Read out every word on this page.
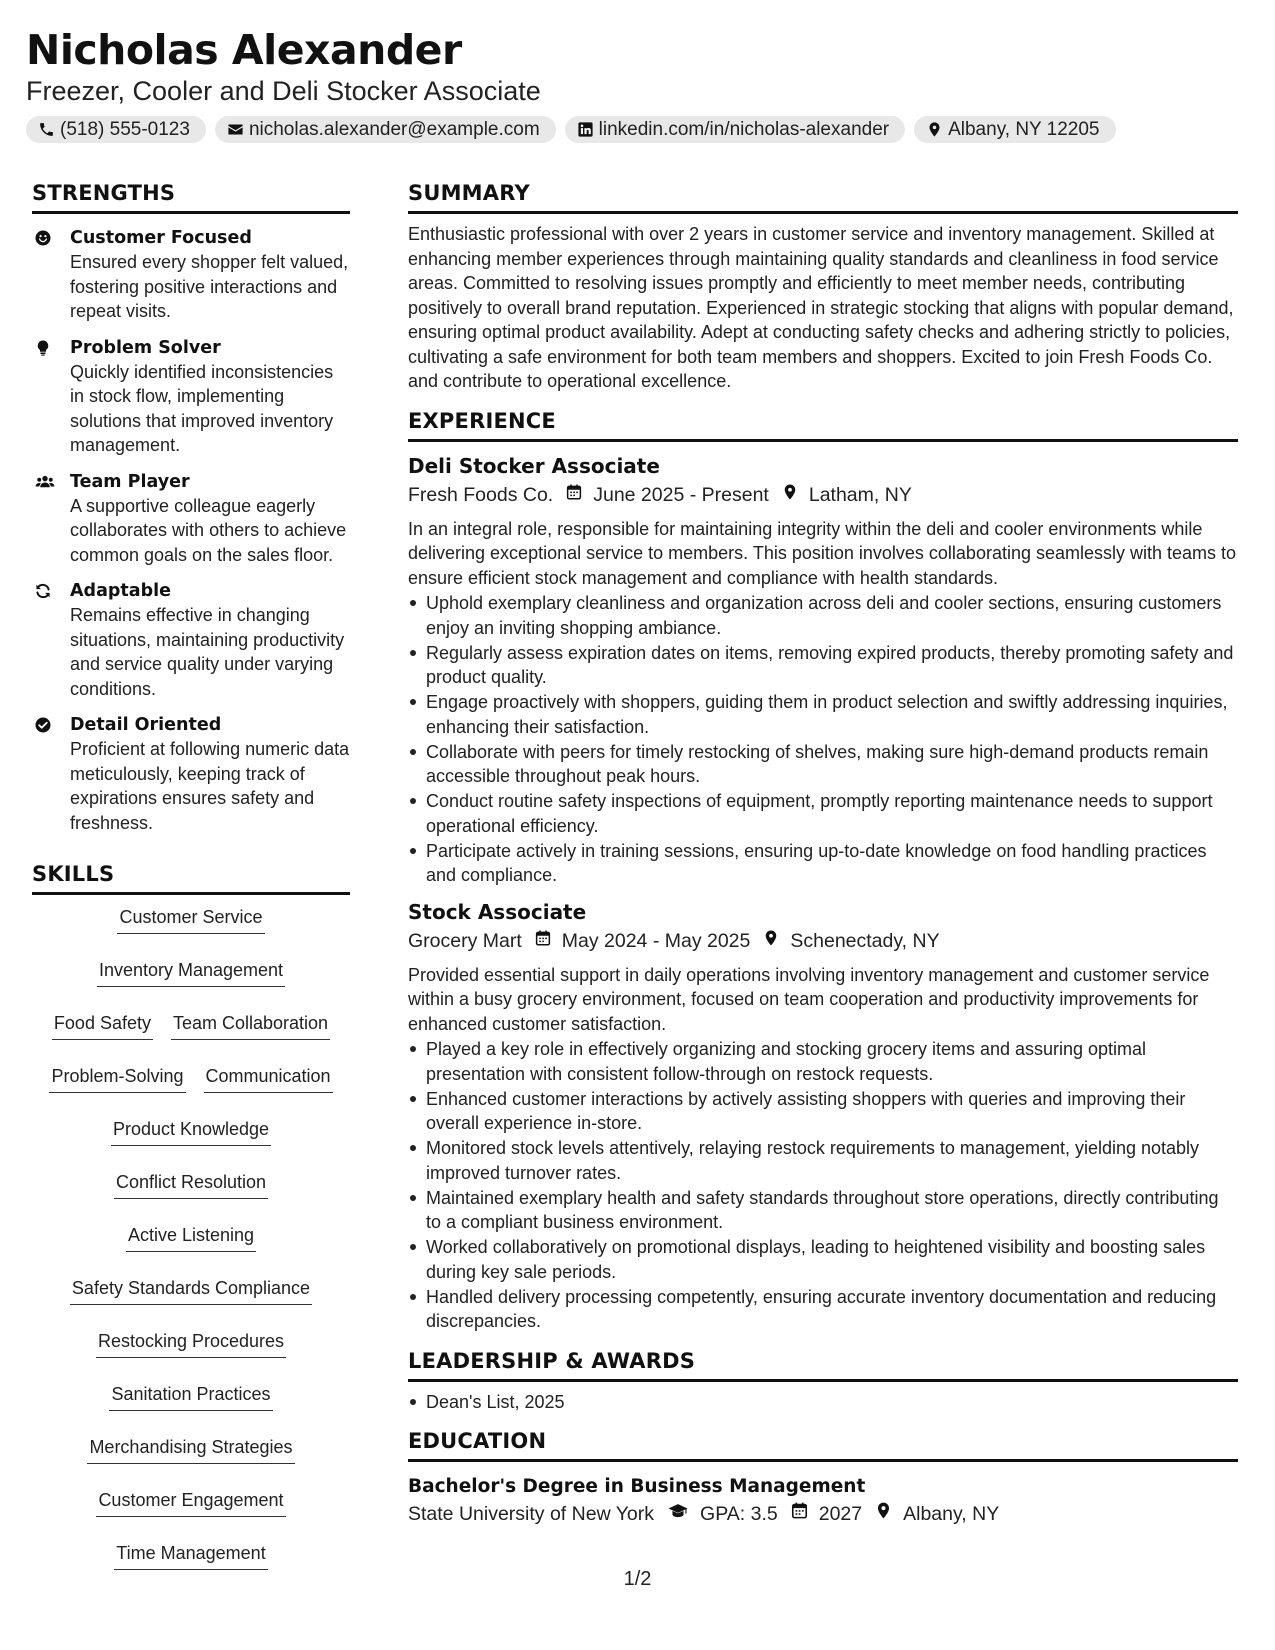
Nicholas Alexander
Freezer, Cooler and Deli Stocker Associate
(518) 555-0123	nicholas.alexander@example.com	linkedin.com/in/nicholas-alexander	Albany, NY 12205
STRENGTHS
Customer Focused
Ensured every shopper felt valued, fostering positive interactions and repeat visits.
Problem Solver
Quickly identified inconsistencies in stock flow, implementing solutions that improved inventory management.
Team Player
A supportive colleague eagerly collaborates with others to achieve common goals on the sales floor.
Adaptable
Remains effective in changing situations, maintaining productivity and service quality under varying conditions.
Detail Oriented
Proficient at following numeric data meticulously, keeping track of expirations ensures safety and freshness.
SKILLS
Customer Service
Inventory Management
Food Safety Team Collaboration
Problem-Solving Communication
Product Knowledge
Conflict Resolution
Active Listening
Safety Standards Compliance
Restocking Procedures
Sanitation Practices
Merchandising Strategies
Customer Engagement
Time Management
SUMMARY
Enthusiastic professional with over 2 years in customer service and inventory management. Skilled at enhancing member experiences through maintaining quality standards and cleanliness in food service areas. Committed to resolving issues promptly and efficiently to meet member needs, contributing positively to overall brand reputation. Experienced in strategic stocking that aligns with popular demand, ensuring optimal product availability. Adept at conducting safety checks and adhering strictly to policies, cultivating a safe environment for both team members and shoppers. Excited to join Fresh Foods Co. and contribute to operational excellence.
EXPERIENCE
Deli Stocker Associate
Fresh Foods Co. June 2025 - Present Latham, NY
In an integral role, responsible for maintaining integrity within the deli and cooler environments while delivering exceptional service to members. This position involves collaborating seamlessly with teams to ensure efficient stock management and compliance with health standards.
Uphold exemplary cleanliness and organization across deli and cooler sections, ensuring customers enjoy an inviting shopping ambiance.
Regularly assess expiration dates on items, removing expired products, thereby promoting safety and product quality.
Engage proactively with shoppers, guiding them in product selection and swiftly addressing inquiries, enhancing their satisfaction.
Collaborate with peers for timely restocking of shelves, making sure high-demand products remain accessible throughout peak hours.
Conduct routine safety inspections of equipment, promptly reporting maintenance needs to support operational efficiency.
Participate actively in training sessions, ensuring up-to-date knowledge on food handling practices and compliance.
Stock Associate
Grocery Mart May 2024 - May 2025 Schenectady, NY
Provided essential support in daily operations involving inventory management and customer service within a busy grocery environment, focused on team cooperation and productivity improvements for enhanced customer satisfaction.
Played a key role in effectively organizing and stocking grocery items and assuring optimal presentation with consistent follow-through on restock requests.
Enhanced customer interactions by actively assisting shoppers with queries and improving their overall experience in-store.
Monitored stock levels attentively, relaying restock requirements to management, yielding notably improved turnover rates.
Maintained exemplary health and safety standards throughout store operations, directly contributing to a compliant business environment.
Worked collaboratively on promotional displays, leading to heightened visibility and boosting sales during key sale periods.
Handled delivery processing competently, ensuring accurate inventory documentation and reducing discrepancies.
LEADERSHIP & AWARDS
Dean's List, 2025
EDUCATION
Bachelor's Degree in Business Management
State University of New York GPA: 3.5 2027 Albany, NY
1/2
